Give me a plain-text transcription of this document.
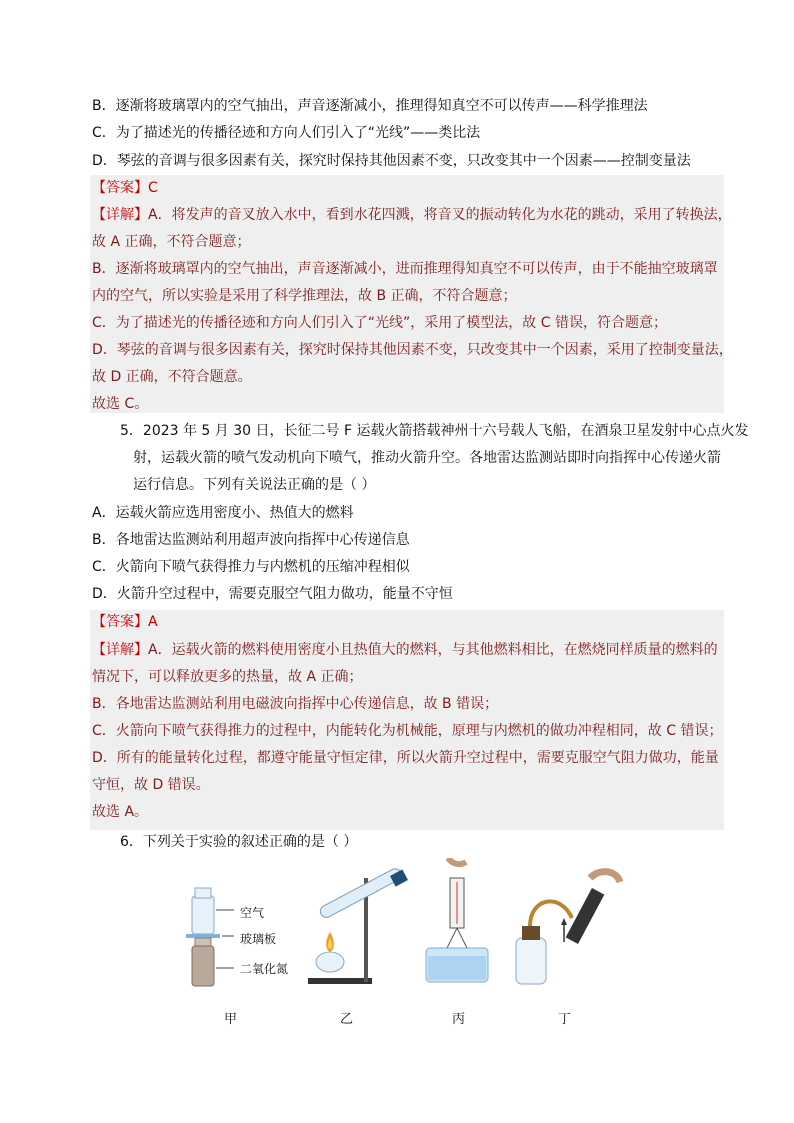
B．逐渐将玻璃罩内的空气抽出，声音逐渐减小，推理得知真空不可以传声——科学推理法
C．为了描述光的传播径迹和方向人们引入了“光线”——类比法
D．琴弦的音调与很多因素有关，探究时保持其他因素不变，只改变其中一个因素——控制变量法
【答案】C
【详解】A．将发声的音叉放入水中，看到水花四溅，将音叉的振动转化为水花的跳动，采用了转换法，
故 A 正确，不符合题意；
B．逐渐将玻璃罩内的空气抽出，声音逐渐减小，进而推理得知真空不可以传声，由于不能抽空玻璃罩
内的空气，所以实验是采用了科学推理法，故 B 正确，不符合题意；
C．为了描述光的传播径迹和方向人们引入了“光线”，采用了模型法，故 C 错误，符合题意；
D．琴弦的音调与很多因素有关，探究时保持其他因素不变，只改变其中一个因素，采用了控制变量法，
故 D 正确，不符合题意。
故选 C。
5．2023 年 5 月 30 日，长征二号 F 运载火箭搭载神州十六号载人飞船，在酒泉卫星发射中心点火发
射，运载火箭的喷气发动机向下喷气，推动火箭升空。各地雷达监测站即时向指挥中心传递火箭
运行信息。下列有关说法正确的是（ ）
A．运载火箭应选用密度小、热值大的燃料
B．各地雷达监测站利用超声波向指挥中心传递信息
C．火箭向下喷气获得推力与内燃机的压缩冲程相似
D．火箭升空过程中，需要克服空气阻力做功，能量不守恒
【答案】A
【详解】A．运载火箭的燃料使用密度小且热值大的燃料，与其他燃料相比，在燃烧同样质量的燃料的
情况下，可以释放更多的热量，故 A 正确；
B．各地雷达监测站利用电磁波向指挥中心传递信息，故 B 错误；
C．火箭向下喷气获得推力的过程中，内能转化为机械能，原理与内燃机的做功冲程相同，故 C 错误；
D．所有的能量转化过程，都遵守能量守恒定律，所以火箭升空过程中，需要克服空气阻力做功，能量
守恒，故 D 错误。
故选 A。
6．下列关于实验的叙述正确的是（ ）
空气
玻璃板
二氧化氮
甲	乙	丙	丁
